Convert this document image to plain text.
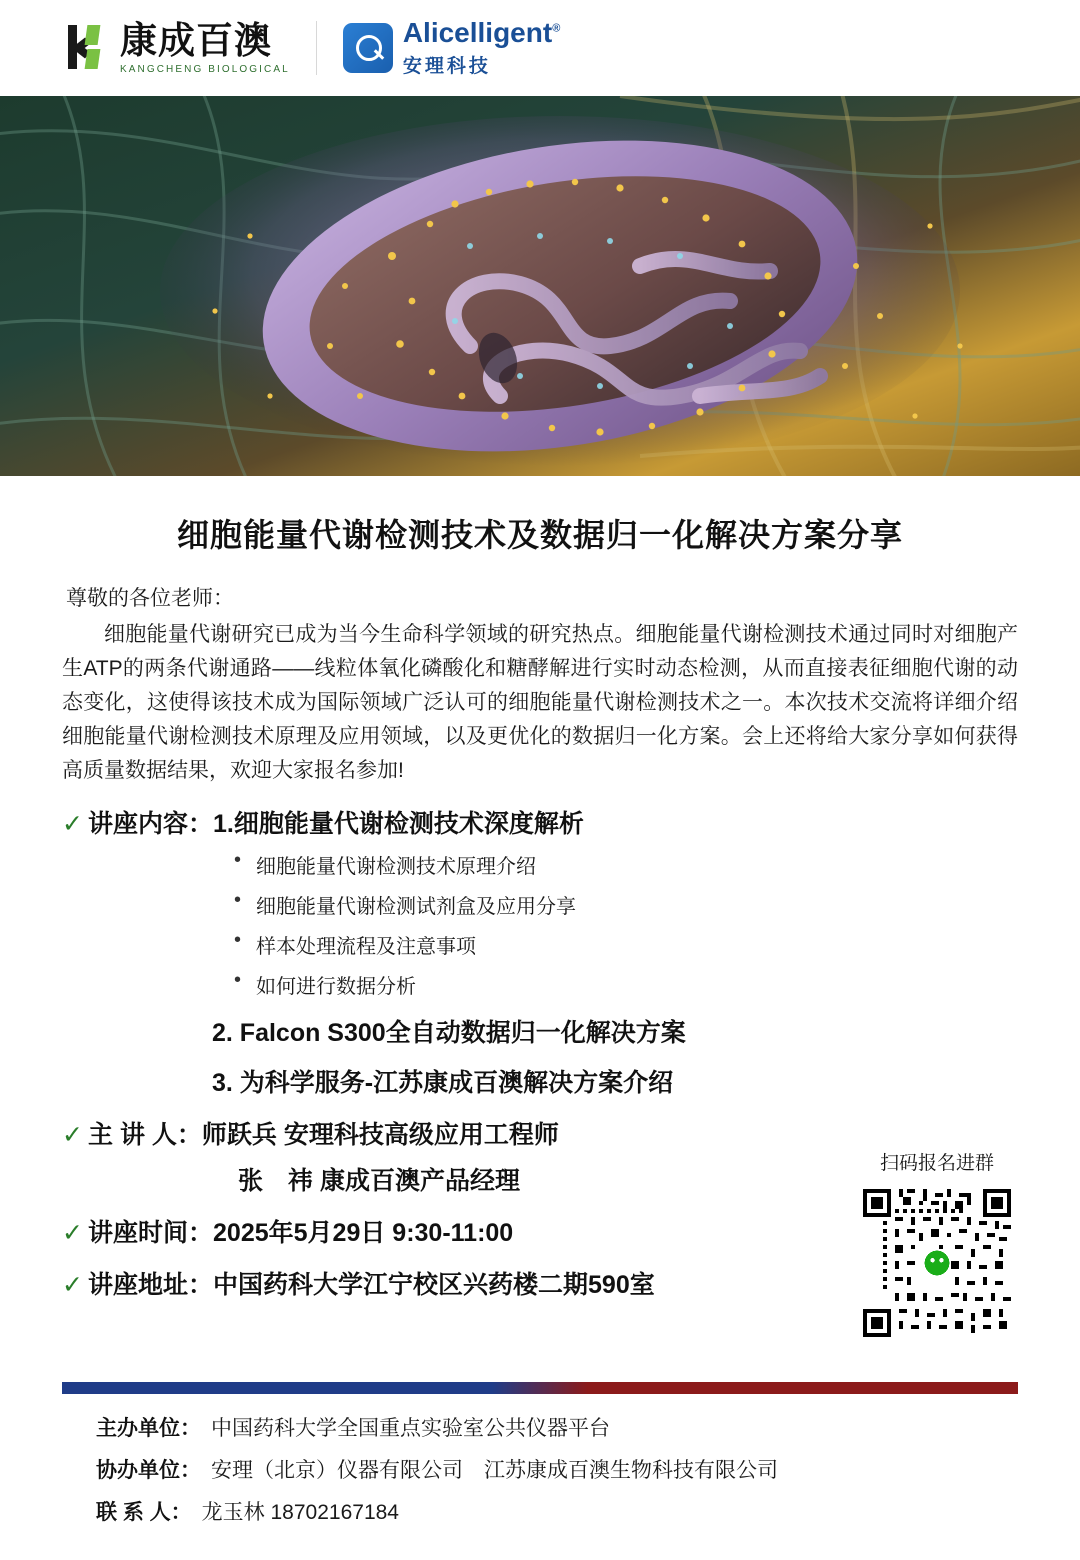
康成百澳
KANGCHENG BIOLOGICAL
Alicelligent®
安理科技
细胞能量代谢检测技术及数据归一化解决方案分享
尊敬的各位老师：
细胞能量代谢研究已成为当今生命科学领域的研究热点。细胞能量代谢检测技术通过同时对细胞产生ATP的两条代谢通路——线粒体氧化磷酸化和糖酵解进行实时动态检测，从而直接表征细胞代谢的动态变化，这使得该技术成为国际领域广泛认可的细胞能量代谢检测技术之一。本次技术交流将详细介绍细胞能量代谢检测技术原理及应用领域，以及更优化的数据归一化方案。会上还将给大家分享如何获得高质量数据结果，欢迎大家报名参加!
✓ 讲座内容： 1.细胞能量代谢检测技术深度解析
• 细胞能量代谢检测技术原理介绍
• 细胞能量代谢检测试剂盒及应用分享
• 样本处理流程及注意事项
• 如何进行数据分析
2. Falcon S300全自动数据归一化解决方案
3. 为科学服务-江苏康成百澳解决方案介绍
✓ 主 讲 人： 师跃兵 安理科技高级应用工程师
张　祎 康成百澳产品经理
✓ 讲座时间： 2025年5月29日 9:30-11:00
✓ 讲座地址： 中国药科大学江宁校区兴药楼二期590室
扫码报名进群
主办单位： 中国药科大学全国重点实验室公共仪器平台
协办单位： 安理（北京）仪器有限公司　江苏康成百澳生物科技有限公司
联 系 人： 龙玉林 18702167184
